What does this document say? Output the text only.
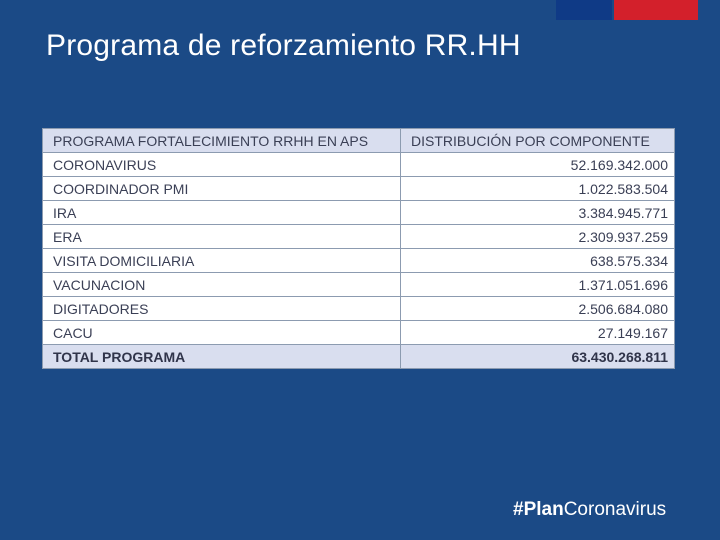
Programa de reforzamiento RR.HH
PROGRAMA FORTALECIMIENTO RRHH EN APS	DISTRIBUCIÓN POR COMPONENTE
CORONAVIRUS	52.169.342.000
COORDINADOR PMI	1.022.583.504
IRA	3.384.945.771
ERA	2.309.937.259
VISITA DOMICILIARIA	638.575.334
VACUNACION	1.371.051.696
DIGITADORES	2.506.684.080
CACU	27.149.167
TOTAL PROGRAMA	63.430.268.811
#PlanCoronavirus
